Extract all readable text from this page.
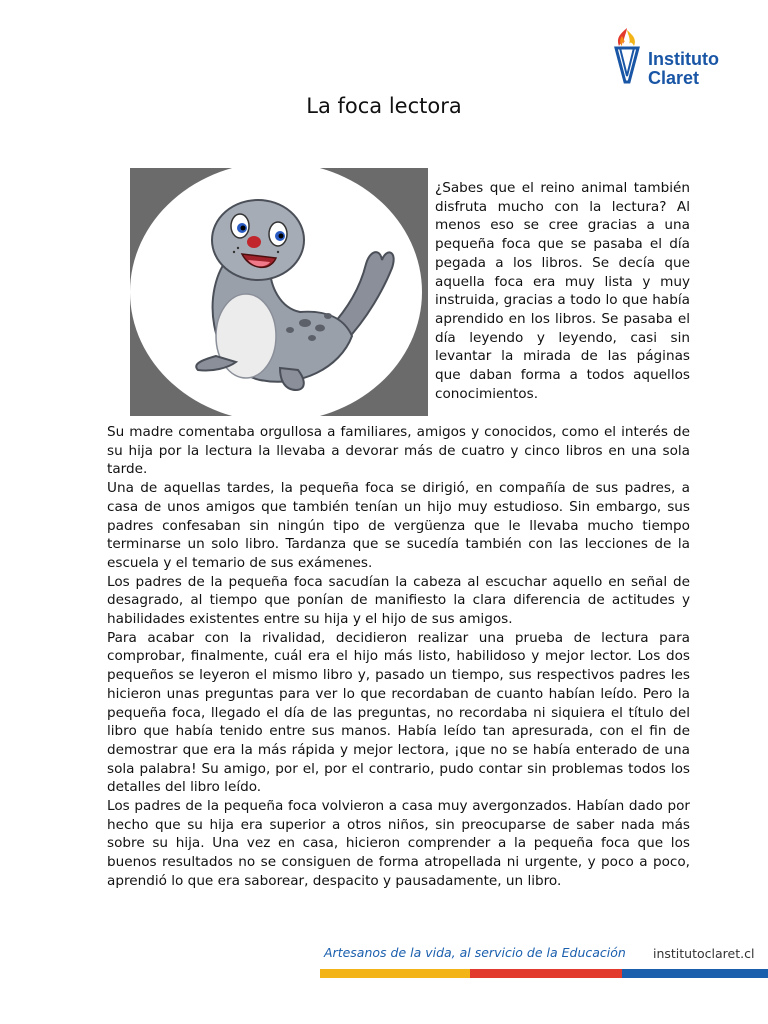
Instituto
Claret
La foca lectora
¿Sabes que el reino animal también disfruta mucho con la lectura? Al menos eso se cree gracias a una pequeña foca que se pasaba el día pegada a los libros. Se decía que aquella foca era muy lista y muy instruida, gracias a todo lo que había aprendido en los libros. Se pasaba el día leyendo y leyendo, casi sin levantar la mirada de las páginas que daban forma a todos aquellos conocimientos.

Su madre comentaba orgullosa a familiares, amigos y conocidos, como el interés de su hija por la lectura la llevaba a devorar más de cuatro y cinco libros en una sola tarde.

Una de aquellas tardes, la pequeña foca se dirigió, en compañía de sus padres, a casa de unos amigos que también tenían un hijo muy estudioso. Sin embargo, sus padres confesaban sin ningún tipo de vergüenza que le llevaba mucho tiempo terminarse un solo libro. Tardanza que se sucedía también con las lecciones de la escuela y el temario de sus exámenes.

Los padres de la pequeña foca sacudían la cabeza al escuchar aquello en señal de desagrado, al tiempo que ponían de manifiesto la clara diferencia de actitudes y habilidades existentes entre su hija y el hijo de sus amigos.

Para acabar con la rivalidad, decidieron realizar una prueba de lectura para comprobar, finalmente, cuál era el hijo más listo, habilidoso y mejor lector. Los dos pequeños se leyeron el mismo libro y, pasado un tiempo, sus respectivos padres les hicieron unas preguntas para ver lo que recordaban de cuanto habían leído. Pero la pequeña foca, llegado el día de las preguntas, no recordaba ni siquiera el título del libro que había tenido entre sus manos. Había leído tan apresurada, con el fin de demostrar que era la más rápida y mejor lectora, ¡que no se había enterado de una sola palabra! Su amigo, por el, por el contrario, pudo contar sin problemas todos los detalles del libro leído.

Los padres de la pequeña foca volvieron a casa muy avergonzados. Habían dado por hecho que su hija era superior a otros niños, sin preocuparse de saber nada más sobre su hija. Una vez en casa, hicieron comprender a la pequeña foca que los buenos resultados no se consiguen de forma atropellada ni urgente, y poco a poco, aprendió lo que era saborear, despacito y pausadamente, un libro.

Artesanos de la vida, al servicio de la Educación institutoclaret.cl
